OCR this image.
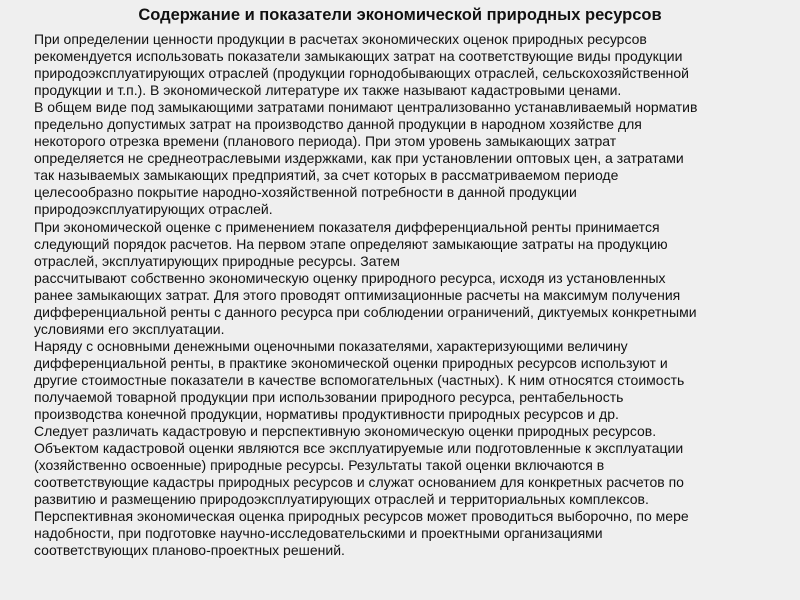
Содержание и показатели экономической природных ресурсов

При определении ценности продукции в расчетах экономических оценок природных ресурсов
рекомендуется использовать показатели замыкающих затрат на соответствующие виды продукции
природоэксплуатирующих отраслей (продукции горнодобывающих отраслей, сельскохозяйственной
продукции и т.п.). В экономической литературе их также называют кадастровыми ценами.

В общем виде под замыкающими затратами понимают централизованно устанавливаемый норматив
предельно допустимых затрат на производство данной продукции в народном хозяйстве для
некоторого отрезка времени (планового периода). При этом уровень замыкающих затрат
определяется не среднеотраслевыми издержками, как при установлении оптовых цен, а затратами
так называемых замыкающих предприятий, за счет которых в рассматриваемом периоде
целесообразно покрытие народно-хозяйственной потребности в данной продукции
природоэксплуатирующих отраслей.

При экономической оценке с применением показателя дифференциальной ренты принимается
следующий порядок расчетов. На первом этапе определяют замыкающие затраты на продукцию
отраслей, эксплуатирующих природные ресурсы. Затем
рассчитывают собственно экономическую оценку природного ресурса, исходя из установленных
ранее замыкающих затрат. Для этого проводят оптимизационные расчеты на максимум получения
дифференциальной ренты с данного ресурса при соблюдении ограничений, диктуемых конкретными
условиями его эксплуатации.

Наряду с основными денежными оценочными показателями, характеризующими величину
дифференциальной ренты, в практике экономической оценки природных ресурсов используют и
другие стоимостные показатели в качестве вспомогательных (частных). К ним относятся стоимость
получаемой товарной продукции при использовании природного ресурса, рентабельность
производства конечной продукции, нормативы продуктивности природных ресурсов и др.

Следует различать кадастровую и перспективную экономическую оценки природных ресурсов.
Объектом кадастровой оценки являются все эксплуатируемые или подготовленные к эксплуатации
(хозяйственно освоенные) природные ресурсы. Результаты такой оценки включаются в
соответствующие кадастры природных ресурсов и служат основанием для конкретных расчетов по
развитию и размещению природоэксплуатирующих отраслей и территориальных комплексов.

Перспективная экономическая оценка природных ресурсов может проводиться выборочно, по мере
надобности, при подготовке научно-исследовательскими и проектными организациями
соответствующих планово-проектных решений.
